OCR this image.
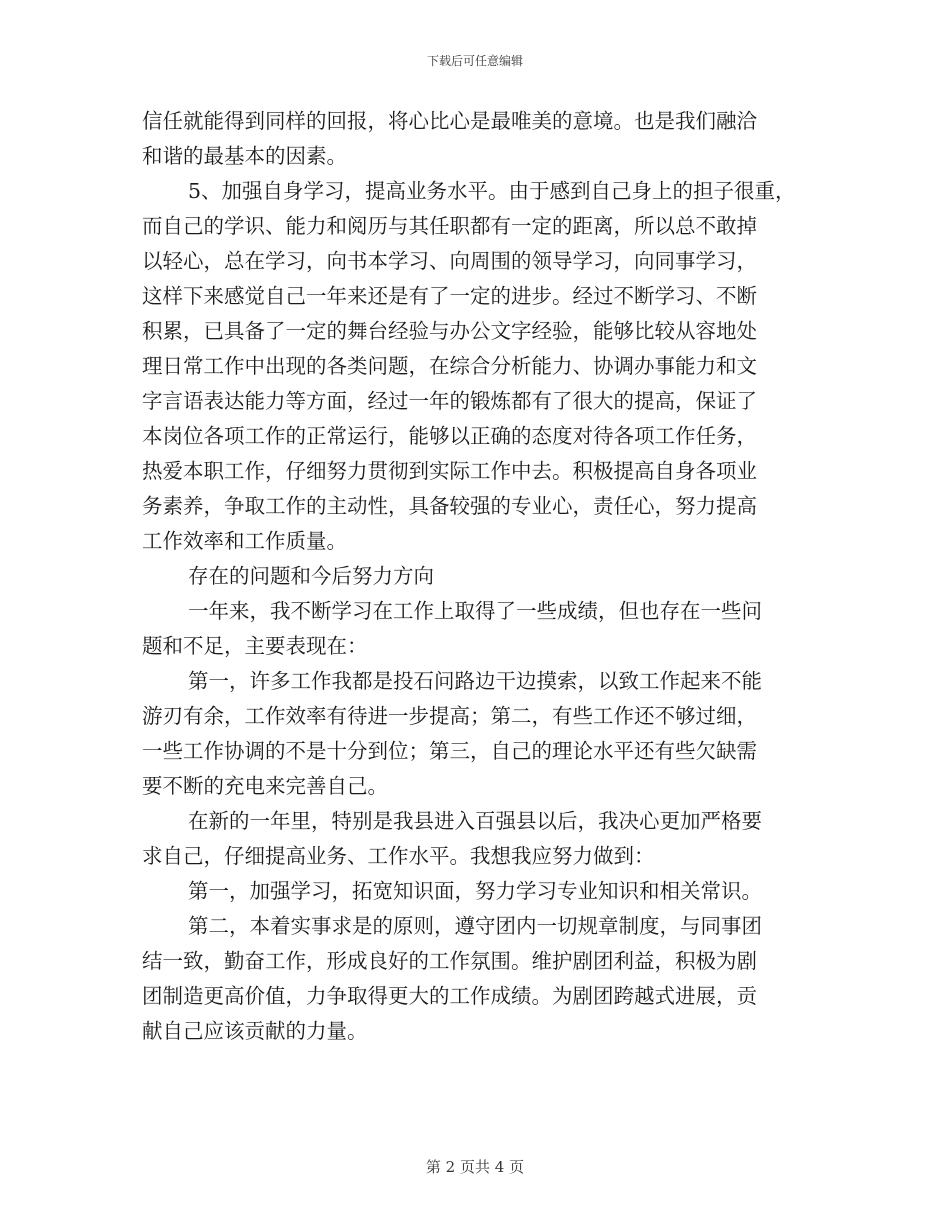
下载后可任意编辑
信任就能得到同样的回报，将心比心是最唯美的意境。也是我们融洽
和谐的最基本的因素。
5、加强自身学习，提高业务水平。由于感到自己身上的担子很重，
而自己的学识、能力和阅历与其任职都有一定的距离，所以总不敢掉
以轻心，总在学习，向书本学习、向周围的领导学习，向同事学习，
这样下来感觉自己一年来还是有了一定的进步。经过不断学习、不断
积累，已具备了一定的舞台经验与办公文字经验，能够比较从容地处
理日常工作中出现的各类问题，在综合分析能力、协调办事能力和文
字言语表达能力等方面，经过一年的锻炼都有了很大的提高，保证了
本岗位各项工作的正常运行，能够以正确的态度对待各项工作任务，
热爱本职工作，仔细努力贯彻到实际工作中去。积极提高自身各项业
务素养，争取工作的主动性，具备较强的专业心，责任心，努力提高
工作效率和工作质量。
存在的问题和今后努力方向
一年来，我不断学习在工作上取得了一些成绩，但也存在一些问
题和不足，主要表现在：
第一，许多工作我都是投石问路边干边摸索，以致工作起来不能
游刃有余，工作效率有待进一步提高；第二，有些工作还不够过细，
一些工作协调的不是十分到位；第三，自己的理论水平还有些欠缺需
要不断的充电来完善自己。
在新的一年里，特别是我县进入百强县以后，我决心更加严格要
求自己，仔细提高业务、工作水平。我想我应努力做到：
第一，加强学习，拓宽知识面，努力学习专业知识和相关常识。
第二，本着实事求是的原则，遵守团内一切规章制度，与同事团
结一致，勤奋工作，形成良好的工作氛围。维护剧团利益，积极为剧
团制造更高价值，力争取得更大的工作成绩。为剧团跨越式进展，贡
献自己应该贡献的力量。
第 2 页共 4 页
